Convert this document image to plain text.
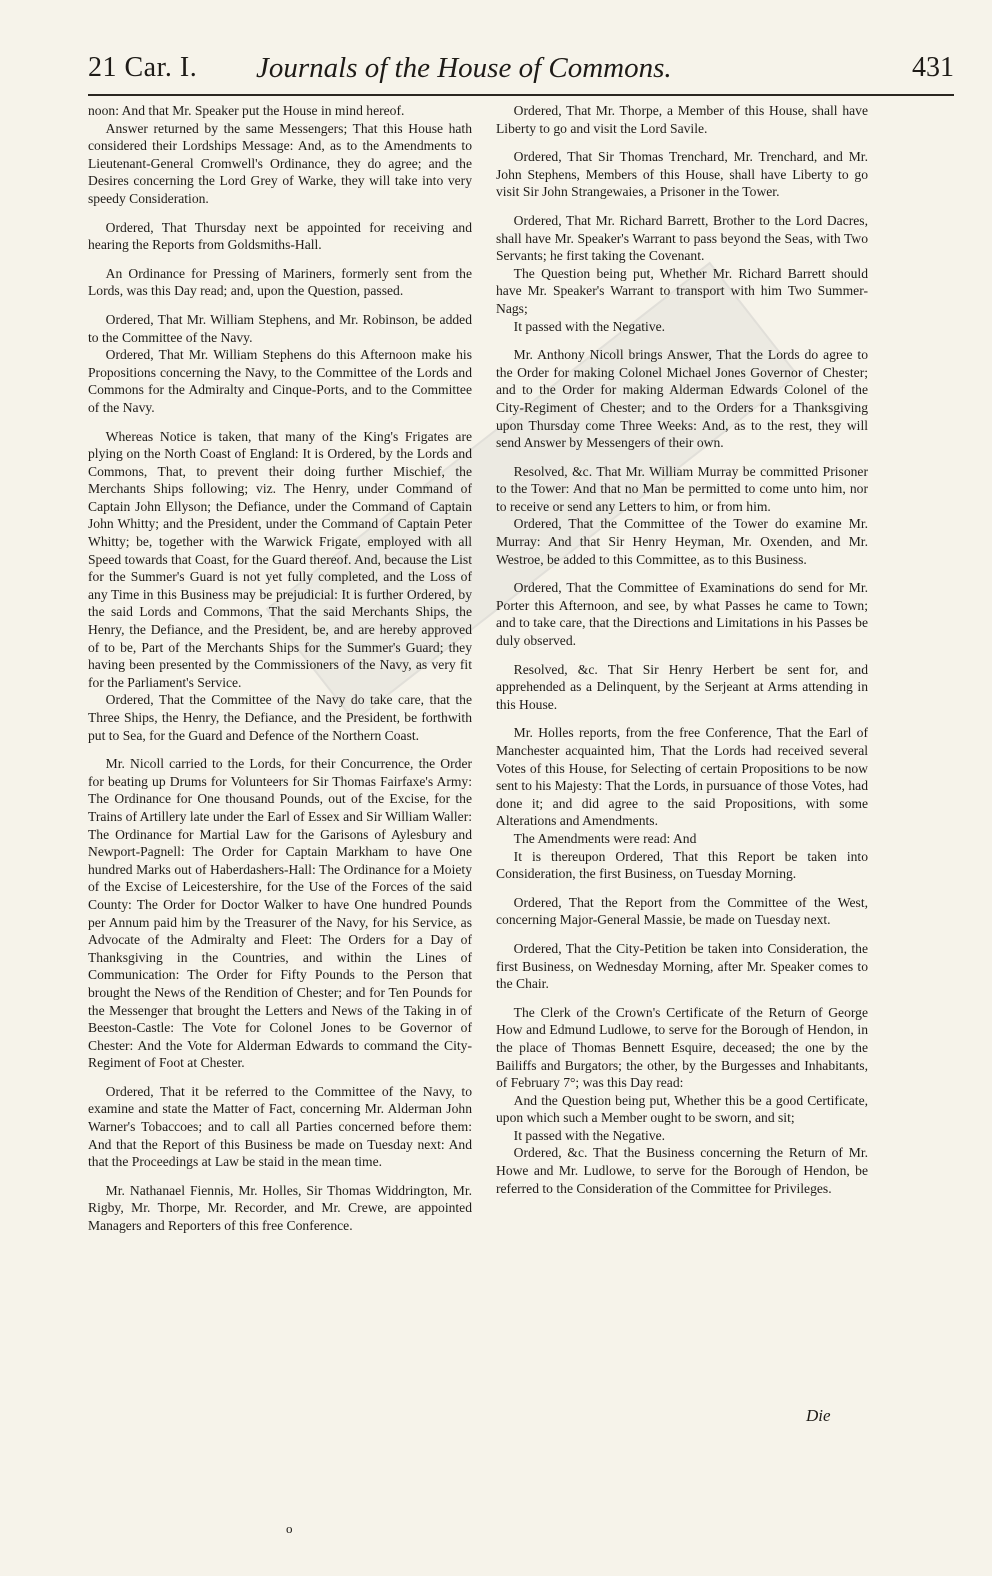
21 Car. I. Journals of the House of Commons.	431

noon: And that Mr. Speaker put the House in mind hereof.

Answer returned by the same Messengers; That this House hath considered their Lordships Message: And, as to the Amendments to Lieutenant-General Cromwell's Ordinance, they do agree; and the Desires concerning the Lord Grey of Warke, they will take into very speedy Consideration.

Ordered, That Thursday next be appointed for receiving and hearing the Reports from Goldsmiths-Hall.

An Ordinance for Pressing of Mariners, formerly sent from the Lords, was this Day read; and, upon the Question, passed.

Ordered, That Mr. William Stephens, and Mr. Robinson, be added to the Committee of the Navy.

Ordered, That Mr. William Stephens do this Afternoon make his Propositions concerning the Navy, to the Committee of the Lords and Commons for the Admiralty and Cinque-Ports, and to the Committee of the Navy.

Whereas Notice is taken, that many of the King's Frigates are plying on the North Coast of England: It is Ordered, by the Lords and Commons, That, to prevent their doing further Mischief, the Merchants Ships following; viz. The Henry, under Command of Captain John Ellyson; the Defiance, under the Command of Captain John Whitty; and the President, under the Command of Captain Peter Whitty; be, together with the Warwick Frigate, employed with all Speed towards that Coast, for the Guard thereof. And, because the List for the Summer's Guard is not yet fully completed, and the Loss of any Time in this Business may be prejudicial: It is further Ordered, by the said Lords and Commons, That the said Merchants Ships, the Henry, the Defiance, and the President, be, and are hereby approved of to be, Part of the Merchants Ships for the Summer's Guard; they having been presented by the Commissioners of the Navy, as very fit for the Parliament's Service.

Ordered, That the Committee of the Navy do take care, that the Three Ships, the Henry, the Defiance, and the President, be forthwith put to Sea, for the Guard and Defence of the Northern Coast.

Mr. Nicoll carried to the Lords, for their Concurrence, the Order for beating up Drums for Volunteers for Sir Thomas Fairfaxe's Army: The Ordinance for One thousand Pounds, out of the Excise, for the Trains of Artillery late under the Earl of Essex and Sir William Waller: The Ordinance for Martial Law for the Garisons of Aylesbury and Newport-Pagnell: The Order for Captain Markham to have One hundred Marks out of Haberdashers-Hall: The Ordinance for a Moiety of the Excise of Leicestershire, for the Use of the Forces of the said County: The Order for Doctor Walker to have One hundred Pounds per Annum paid him by the Treasurer of the Navy, for his Service, as Advocate of the Admiralty and Fleet: The Orders for a Day of Thanksgiving in the Countries, and within the Lines of Communication: The Order for Fifty Pounds to the Person that brought the News of the Rendition of Chester; and for Ten Pounds for the Messenger that brought the Letters and News of the Taking in of Beeston-Castle: The Vote for Colonel Jones to be Governor of Chester: And the Vote for Alderman Edwards to command the City-Regiment of Foot at Chester.

Ordered, That it be referred to the Committee of the Navy, to examine and state the Matter of Fact, concerning Mr. Alderman John Warner's Tobaccoes; and to call all Parties concerned before them: And that the Report of this Business be made on Tuesday next: And that the Proceedings at Law be staid in the mean time.

Mr. Nathanael Fiennis, Mr. Holles, Sir Thomas Widdrington, Mr. Rigby, Mr. Thorpe, Mr. Recorder, and Mr. Crewe, are appointed Managers and Reporters of this free Conference.

Ordered, That Mr. Thorpe, a Member of this House, shall have Liberty to go and visit the Lord Savile.

Ordered, That Sir Thomas Trenchard, Mr. Trenchard, and Mr. John Stephens, Members of this House, shall have Liberty to go visit Sir John Strangewaies, a Prisoner in the Tower.

Ordered, That Mr. Richard Barrett, Brother to the Lord Dacres, shall have Mr. Speaker's Warrant to pass beyond the Seas, with Two Servants; he first taking the Covenant.

The Question being put, Whether Mr. Richard Barrett should have Mr. Speaker's Warrant to transport with him Two Summer-Nags;

It passed with the Negative.

Mr. Anthony Nicoll brings Answer, That the Lords do agree to the Order for making Colonel Michael Jones Governor of Chester; and to the Order for making Alderman Edwards Colonel of the City-Regiment of Chester; and to the Orders for a Thanksgiving upon Thursday come Three Weeks: And, as to the rest, they will send Answer by Messengers of their own.

Resolved, &c. That Mr. William Murray be committed Prisoner to the Tower: And that no Man be permitted to come unto him, nor to receive or send any Letters to him, or from him.

Ordered, That the Committee of the Tower do examine Mr. Murray: And that Sir Henry Heyman, Mr. Oxenden, and Mr. Westroe, be added to this Committee, as to this Business.

Ordered, That the Committee of Examinations do send for Mr. Porter this Afternoon, and see, by what Passes he came to Town; and to take care, that the Directions and Limitations in his Passes be duly observed.

Resolved, &c. That Sir Henry Herbert be sent for, and apprehended as a Delinquent, by the Serjeant at Arms attending in this House.

Mr. Holles reports, from the free Conference, That the Earl of Manchester acquainted him, That the Lords had received several Votes of this House, for Selecting of certain Propositions to be now sent to his Majesty: That the Lords, in pursuance of those Votes, had done it; and did agree to the said Propositions, with some Alterations and Amendments.

The Amendments were read: And

It is thereupon Ordered, That this Report be taken into Consideration, the first Business, on Tuesday Morning.

Ordered, That the Report from the Committee of the West, concerning Major-General Massie, be made on Tuesday next.

Ordered, That the City-Petition be taken into Consideration, the first Business, on Wednesday Morning, after Mr. Speaker comes to the Chair.

The Clerk of the Crown's Certificate of the Return of George How and Edmund Ludlowe, to serve for the Borough of Hendon, in the place of Thomas Bennett Esquire, deceased; the one by the Bailiffs and Burgators; the other, by the Burgesses and Inhabitants, of February 7°; was this Day read:

And the Question being put, Whether this be a good Certificate, upon which such a Member ought to be sworn, and sit;

It passed with the Negative.

Ordered, &c. That the Business concerning the Return of Mr. Howe and Mr. Ludlowe, to serve for the Borough of Hendon, be referred to the Consideration of the Committee for Privileges.

Die
o
